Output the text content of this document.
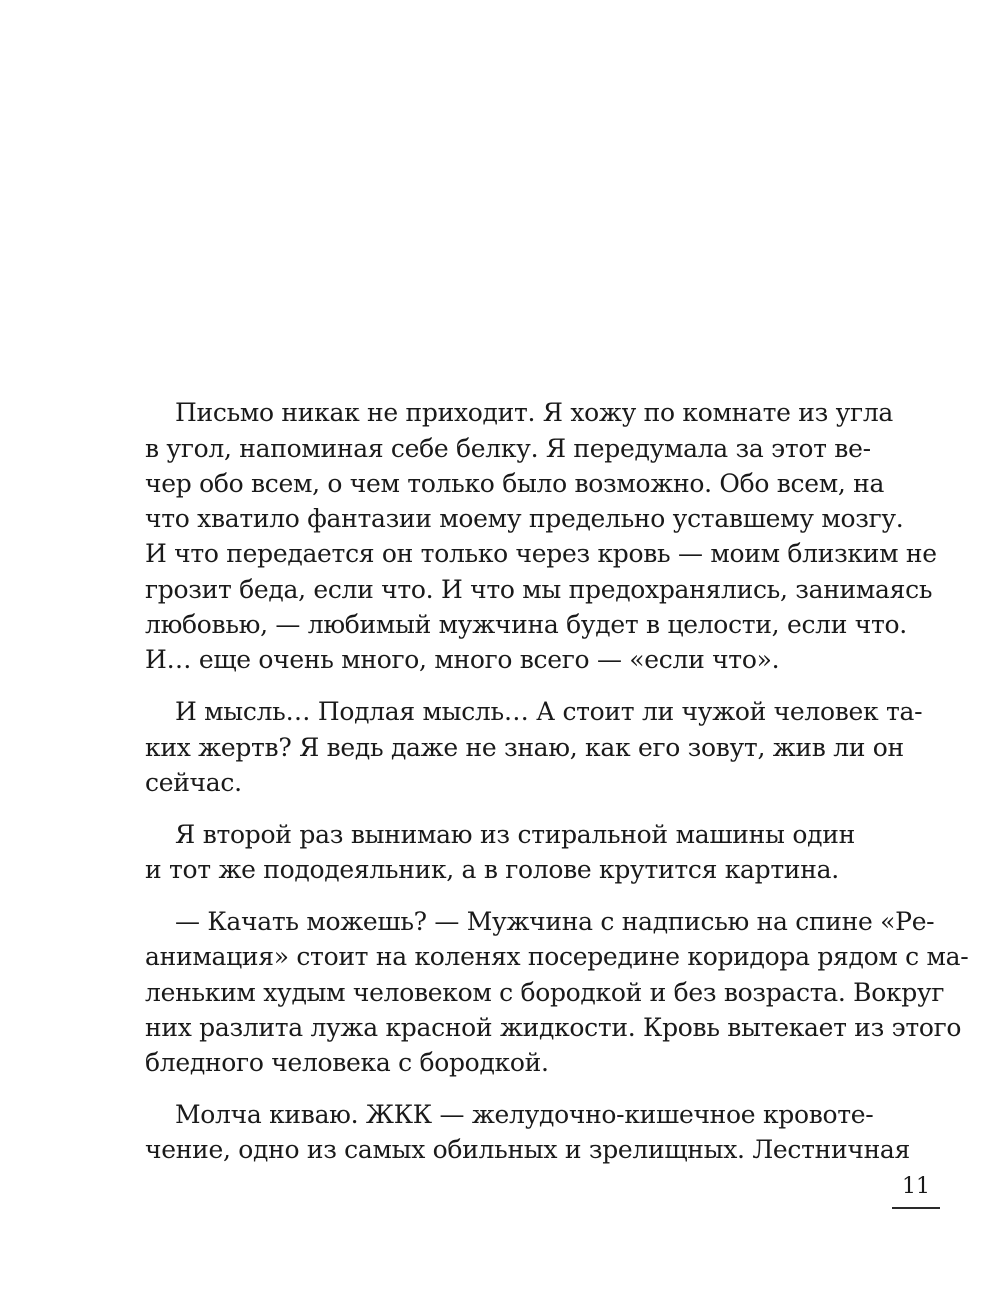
Письмо никак не приходит. Я хожу по комнате из угла
в угол, напоминая себе белку. Я передумала за этот ве-
чер обо всем, о чем только было возможно. Обо всем, на
что хватило фантазии моему предельно уставшему мозгу.
И что передается он только через кровь — моим близким не
грозит беда, если что. И что мы предохранялись, занимаясь
любовью, — любимый мужчина будет в целости, если что.
И… еще очень много, много всего — «если что».
И мысль… Подлая мысль… А стоит ли чужой человек та-
ких жертв? Я ведь даже не знаю, как его зовут, жив ли он
сейчас.
Я второй раз вынимаю из стиральной машины один
и тот же пододеяльник, а в голове крутится картина.
— Качать можешь? — Мужчина с надписью на спине «Ре-
анимация» стоит на коленях посередине коридора рядом с ма-
леньким худым человеком с бородкой и без возраста. Вокруг
них разлита лужа красной жидкости. Кровь вытекает из этого
бледного человека с бородкой.
Молча киваю. ЖКК — желудочно-кишечное кровоте-
чение, одно из самых обильных и зрелищных. Лестничная
11
